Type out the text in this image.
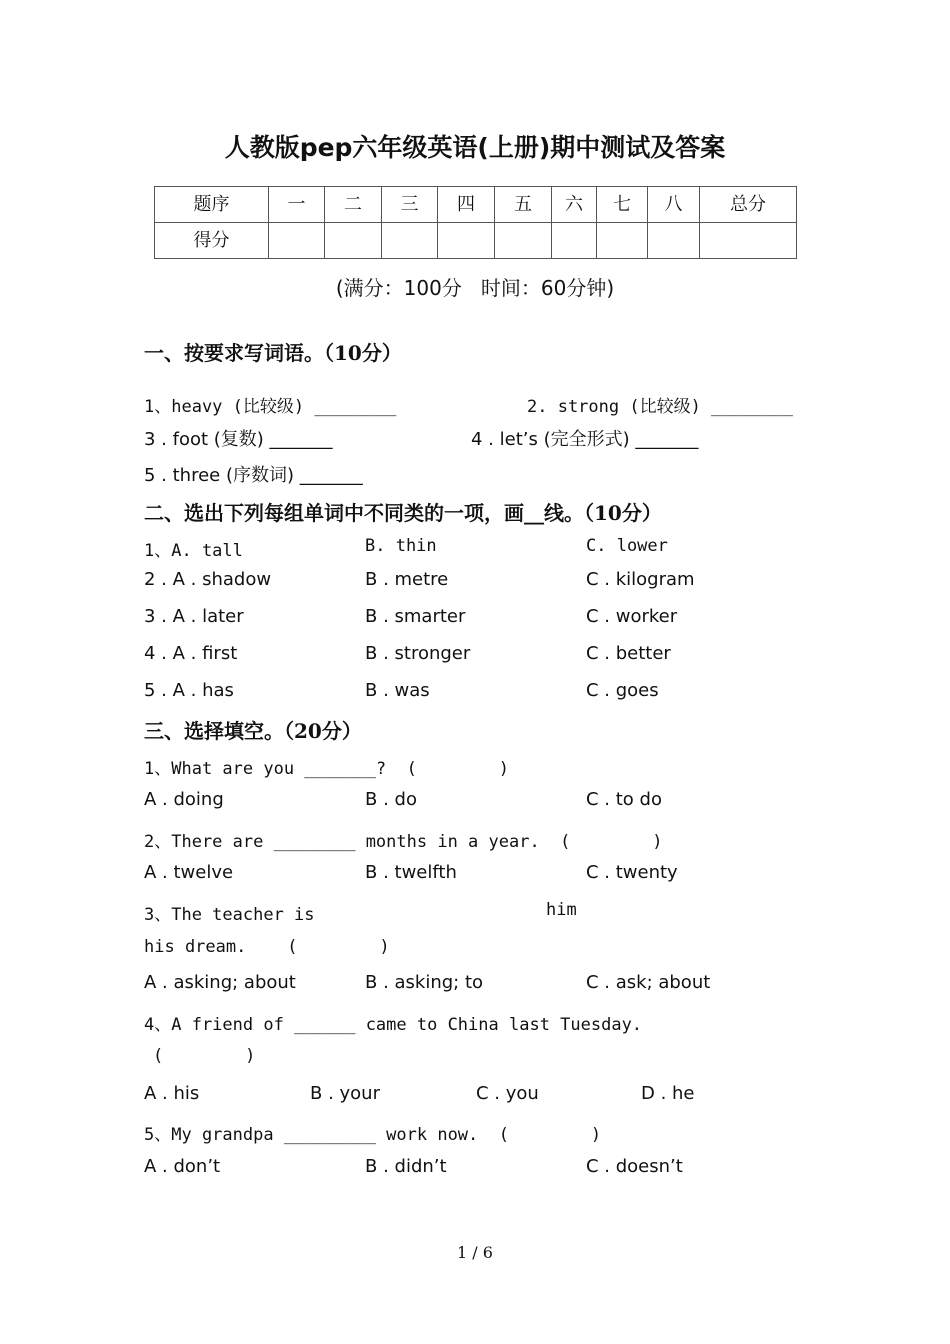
人教版pep六年级英语(上册)期中测试及答案
题序	一	二	三	四	五	六	七	八	总分
得分									
(满分：100分   时间：60分钟)
一、按要求写词语。（10分）
1、heavy (比较级) ________	2. strong (比较级) ________
3 . foot (复数) _______	4 . let’s (完全形式) _______
5 . three (序数词) _______
二、选出下列每组单词中不同类的一项，画__线。（10分）
1、A. tall	B. thin	C. lower
2 . A . shadow	B . metre	C . kilogram
3 . A . later	B . smarter	C . worker
4 . A . first	B . stronger	C . better
5 . A . has	B . was	C . goes
三、选择填空。（20分）
1、What are you _______?  (        )
A . doing	B . do	C . to do
2、There are ________ months in a year.  (        )
A . twelve	B . twelfth	C . twenty
3、The teacher is	him
his dream.    (        )
A . asking; about	B . asking; to	C . ask; about
4、A friend of ______ came to China last Tuesday.
(        )
A . his	B . your	C . you	D . he
5、My grandpa _________ work now.  (        )
A . don’t	B . didn’t	C . doesn’t
1 / 6
